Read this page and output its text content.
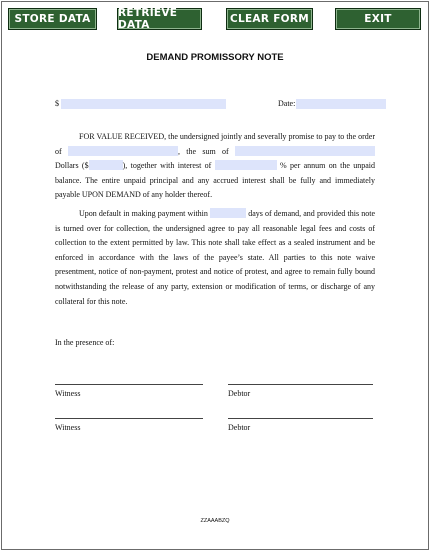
STORE DATA	RETRIEVE DATA	CLEAR FORM	EXIT
DEMAND PROMISSORY NOTE
$	Date:
FOR VALUE RECEIVED, the undersigned jointly and severally promise to pay to the order of	, the sum of  Dollars ($	), together with interest of	% per annum on the unpaid balance. The entire unpaid principal and any accrued interest shall be fully and immediately payable UPON DEMAND of any holder thereof.
Upon default in making payment within	days of demand, and provided this note is turned over for collection, the undersigned agree to pay all reasonable legal fees and costs of collection to the extent permitted by law. This note shall take effect as a sealed instrument and be enforced in accordance with the laws of the payee’s state. All parties to this note waive presentment, notice of non-payment, protest and notice of protest, and agree to remain fully bound notwithstanding the release of any party, extension or modification of terms, or discharge of any collateral for this note.
In the presence of:
Witness	Debtor
Witness	Debtor
ZZAAABZQ
